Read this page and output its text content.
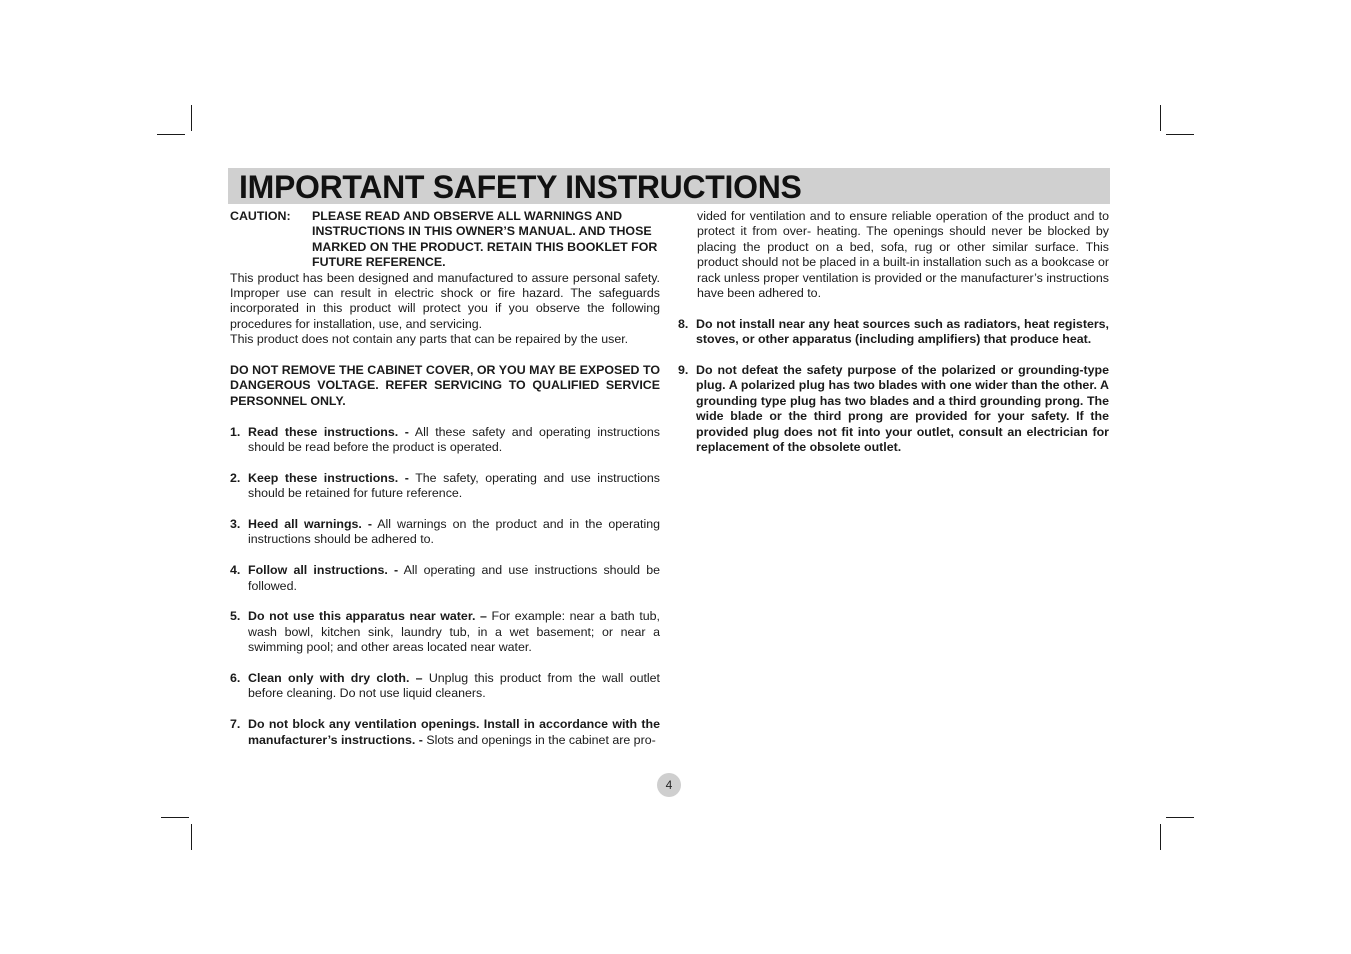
IMPORTANT SAFETY INSTRUCTIONS
CAUTION:	PLEASE READ AND OBSERVE ALL WARNINGS AND INSTRUCTIONS IN THIS OWNER’S MANUAL. AND THOSE MARKED ON THE PRODUCT. RETAIN THIS BOOKLET FOR FUTURE REFERENCE.

This product has been designed and manufactured to assure personal safety. Improper use can result in electric shock or fire hazard. The safeguards incorporated in this product will protect you if you observe the following procedures for installation, use, and servicing.

This product does not contain any parts that can be repaired by the user.

DO NOT REMOVE THE CABINET COVER, OR YOU MAY BE EXPOSED TO DANGEROUS VOLTAGE. REFER SERVICING TO QUALIFIED SERVICE PERSONNEL ONLY.

1. Read these instructions. - All these safety and operating instructions should be read before the product is operated.
2. Keep these instructions. - The safety, operating and use instructions should be retained for future reference.
3. Heed all warnings. - All warnings on the product and in the operating instructions should be adhered to.
4. Follow all instructions. - All operating and use instructions should be followed.
5. Do not use this apparatus near water. – For example: near a bath tub, wash bowl, kitchen sink, laundry tub, in a wet basement; or near a swimming pool; and other areas located near water.
6. Clean only with dry cloth. – Unplug this product from the wall outlet before cleaning. Do not use liquid cleaners.
7. Do not block any ventilation openings. Install in accordance with the manufacturer’s instructions. - Slots and openings in the cabinet are pro-

vided for ventilation and to ensure reliable operation of the product and to protect it from over- heating. The openings should never be blocked by placing the product on a bed, sofa, rug or other similar surface. This product should not be placed in a built-in installation such as a bookcase or rack unless proper ventilation is provided or the manufacturer’s instructions have been adhered to.

8. Do not install near any heat sources such as radiators, heat registers, stoves, or other apparatus (including amplifiers) that produce heat.
9. Do not defeat the safety purpose of the polarized or grounding-type plug. A polarized plug has two blades with one wider than the other. A grounding type plug has two blades and a third grounding prong. The wide blade or the third prong are provided for your safety. If the provided plug does not fit into your outlet, consult an electrician for replacement of the obsolete outlet.
4
